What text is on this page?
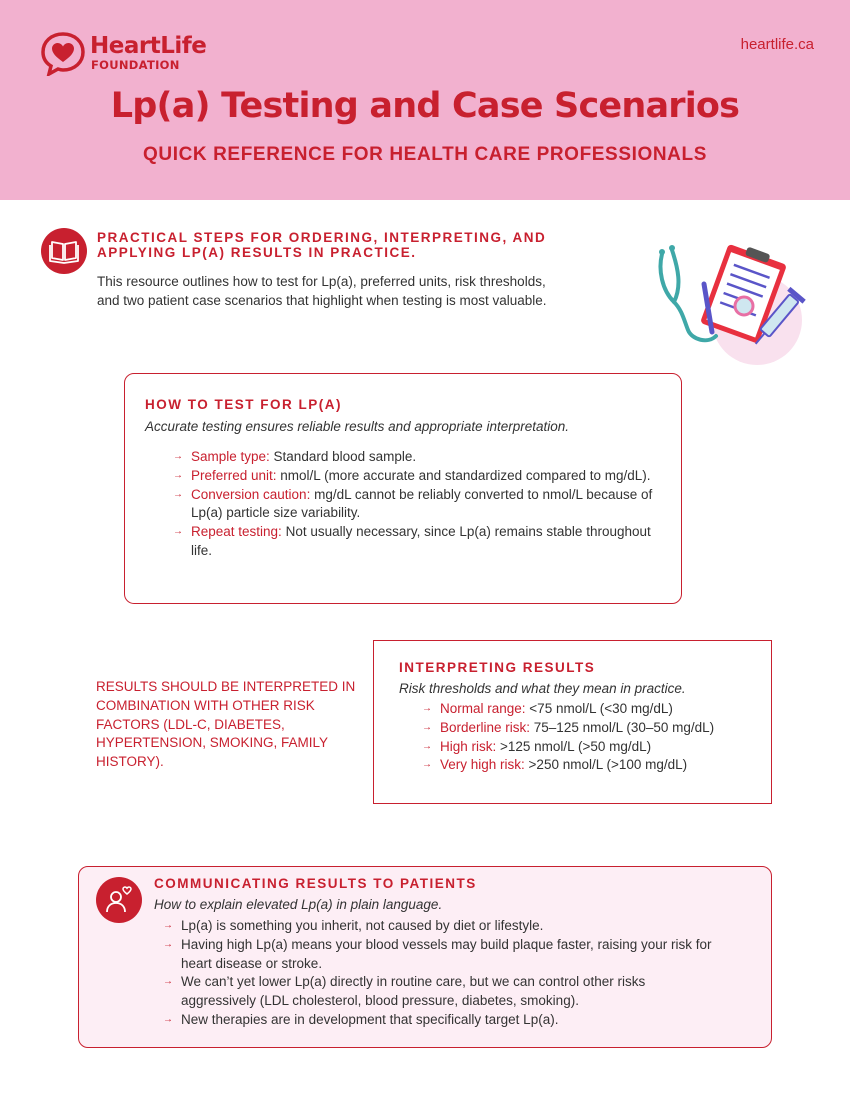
HeartLife
FOUNDATION
heartlife.ca
Lp(a) Testing and Case Scenarios
QUICK REFERENCE FOR HEALTH CARE PROFESSIONALS
PRACTICAL STEPS FOR ORDERING, INTERPRETING, AND APPLYING LP(A) RESULTS IN PRACTICE.
This resource outlines how to test for Lp(a), preferred units, risk thresholds, and two patient case scenarios that highlight when testing is most valuable.
HOW TO TEST FOR LP(A)
Accurate testing ensures reliable results and appropriate interpretation.
→ Sample type: Standard blood sample.
→ Preferred unit: nmol/L (more accurate and standardized compared to mg/dL).
→ Conversion caution: mg/dL cannot be reliably converted to nmol/L because of Lp(a) particle size variability.
→ Repeat testing: Not usually necessary, since Lp(a) remains stable throughout life.
RESULTS SHOULD BE INTERPRETED IN COMBINATION WITH OTHER RISK FACTORS (LDL-C, DIABETES, HYPERTENSION, SMOKING, FAMILY HISTORY).
INTERPRETING RESULTS
Risk thresholds and what they mean in practice.
→ Normal range: <75 nmol/L (<30 mg/dL)
→ Borderline risk: 75–125 nmol/L (30–50 mg/dL)
→ High risk: >125 nmol/L (>50 mg/dL)
→ Very high risk: >250 nmol/L (>100 mg/dL)
COMMUNICATING RESULTS TO PATIENTS
How to explain elevated Lp(a) in plain language.
→ Lp(a) is something you inherit, not caused by diet or lifestyle.
→ Having high Lp(a) means your blood vessels may build plaque faster, raising your risk for heart disease or stroke.
→ We can’t yet lower Lp(a) directly in routine care, but we can control other risks aggressively (LDL cholesterol, blood pressure, diabetes, smoking).
→ New therapies are in development that specifically target Lp(a).
